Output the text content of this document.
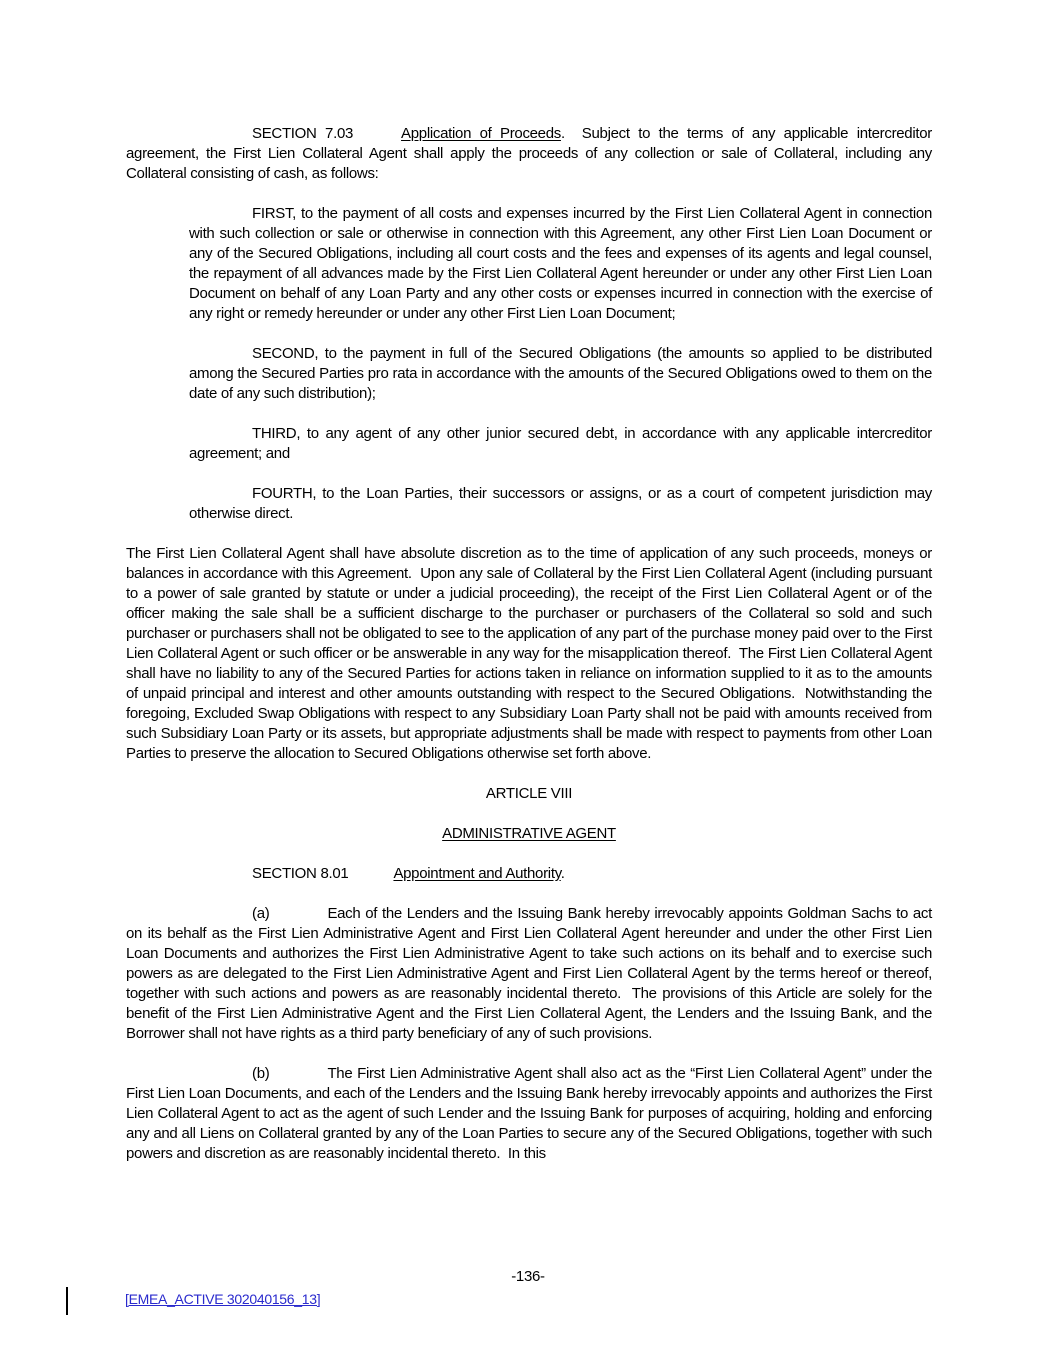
SECTION 7.03	Application of Proceeds.  Subject to the terms of any applicable intercreditor agreement, the First Lien Collateral Agent shall apply the proceeds of any collection or sale of Collateral, including any Collateral consisting of cash, as follows:

FIRST, to the payment of all costs and expenses incurred by the First Lien Collateral Agent in connection with such collection or sale or otherwise in connection with this Agreement, any other First Lien Loan Document or any of the Secured Obligations, including all court costs and the fees and expenses of its agents and legal counsel, the repayment of all advances made by the First Lien Collateral Agent hereunder or under any other First Lien Loan Document on behalf of any Loan Party and any other costs or expenses incurred in connection with the exercise of any right or remedy hereunder or under any other First Lien Loan Document;

SECOND, to the payment in full of the Secured Obligations (the amounts so applied to be distributed among the Secured Parties pro rata in accordance with the amounts of the Secured Obligations owed to them on the date of any such distribution);

THIRD, to any agent of any other junior secured debt, in accordance with any applicable intercreditor agreement; and

FOURTH, to the Loan Parties, their successors or assigns, or as a court of competent jurisdiction may otherwise direct.

The First Lien Collateral Agent shall have absolute discretion as to the time of application of any such proceeds, moneys or balances in accordance with this Agreement.  Upon any sale of Collateral by the First Lien Collateral Agent (including pursuant to a power of sale granted by statute or under a judicial proceeding), the receipt of the First Lien Collateral Agent or of the officer making the sale shall be a sufficient discharge to the purchaser or purchasers of the Collateral so sold and such purchaser or purchasers shall not be obligated to see to the application of any part of the purchase money paid over to the First Lien Collateral Agent or such officer or be answerable in any way for the misapplication thereof.  The First Lien Collateral Agent shall have no liability to any of the Secured Parties for actions taken in reliance on information supplied to it as to the amounts of unpaid principal and interest and other amounts outstanding with respect to the Secured Obligations.  Notwithstanding the foregoing, Excluded Swap Obligations with respect to any Subsidiary Loan Party shall not be paid with amounts received from such Subsidiary Loan Party or its assets, but appropriate adjustments shall be made with respect to payments from other Loan Parties to preserve the allocation to Secured Obligations otherwise set forth above.

ARTICLE VIII

ADMINISTRATIVE AGENT

SECTION 8.01	Appointment and Authority.

(a)	Each of the Lenders and the Issuing Bank hereby irrevocably appoints Goldman Sachs to act on its behalf as the First Lien Administrative Agent and First Lien Collateral Agent hereunder and under the other First Lien Loan Documents and authorizes the First Lien Administrative Agent to take such actions on its behalf and to exercise such powers as are delegated to the First Lien Administrative Agent and First Lien Collateral Agent by the terms hereof or thereof, together with such actions and powers as are reasonably incidental thereto.  The provisions of this Article are solely for the benefit of the First Lien Administrative Agent and the First Lien Collateral Agent, the Lenders and the Issuing Bank, and the Borrower shall not have rights as a third party beneficiary of any of such provisions.

(b)	The First Lien Administrative Agent shall also act as the “First Lien Collateral Agent” under the First Lien Loan Documents, and each of the Lenders and the Issuing Bank hereby irrevocably appoints and authorizes the First Lien Collateral Agent to act as the agent of such Lender and the Issuing Bank for purposes of acquiring, holding and enforcing any and all Liens on Collateral granted by any of the Loan Parties to secure any of the Secured Obligations, together with such powers and discretion as are reasonably incidental thereto.  In this

-136-
[EMEA_ACTIVE 302040156_13]
